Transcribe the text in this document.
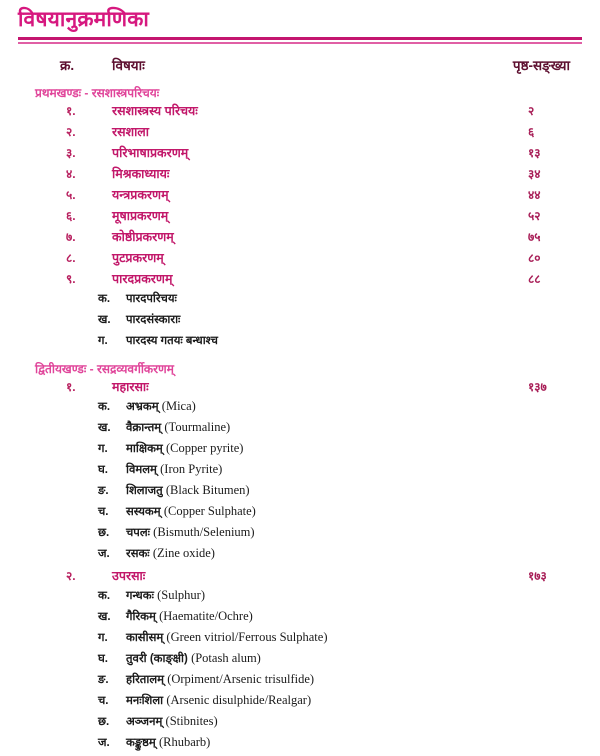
विषयानुक्रमणिका
क्र.	विषयाः	पृष्ठ-सङ्ख्या
प्रथमखण्डः - रसशास्त्रपरिचयः
१.	रसशास्त्रस्य परिचयः	२
२.	रसशाला	६
३.	परिभाषाप्रकरणम्	१३
४.	मिश्रकाध्यायः	३४
५.	यन्त्रप्रकरणम्	४४
६.	मूषाप्रकरणम्	५२
७.	कोष्ठीप्रकरणम्	७५
८.	पुटप्रकरणम्	८०
९.	पारदप्रकरणम्	८८
क. पारदपरिचयः
ख. पारदसंस्काराः
ग. पारदस्य गतयः बन्धाश्च
द्वितीयखण्डः - रसद्रव्यवर्गीकरणम्
१.	महारसाः	१३७
क. अभ्रकम् (Mica)
ख. वैक्रान्तम् (Tourmaline)
ग. माक्षिकम् (Copper pyrite)
घ. विमलम् (Iron Pyrite)
ङ. शिलाजतु (Black Bitumen)
च. सस्यकम् (Copper Sulphate)
छ. चपलः (Bismuth/Selenium)
ज. रसकः (Zine oxide)
२.	उपरसाः	१७३
क. गन्धकः (Sulphur)
ख. गैरिकम् (Haematite/Ochre)
ग. कासीसम् (Green vitriol/Ferrous Sulphate)
घ. तुवरी (काङ्क्षी) (Potash alum)
ङ. हरितालम् (Orpiment/Arsenic trisulfide)
च. मनःशिला (Arsenic disulphide/Realgar)
छ. अञ्जनम् (Stibnites)
ज. कङ्कुष्ठम् (Rhubarb)
